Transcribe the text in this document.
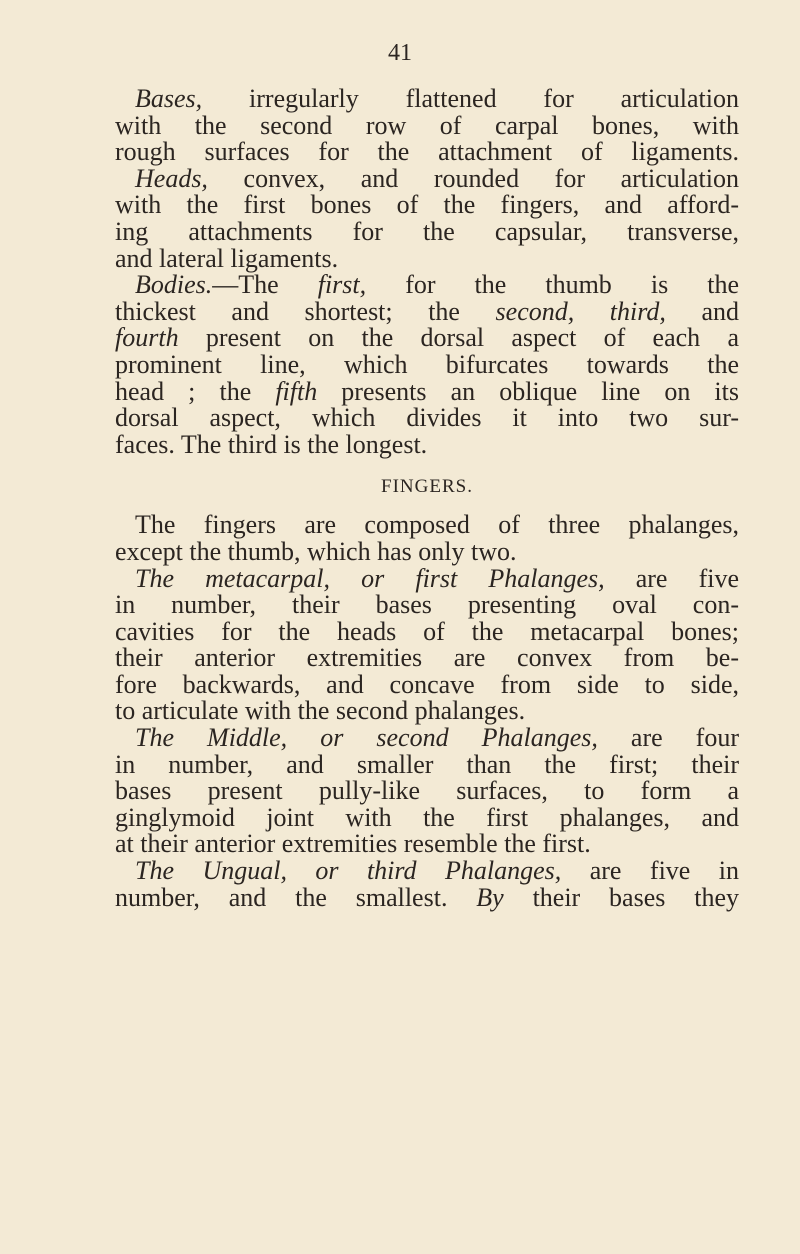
41
Bases, irregularly flattened for articulation
with the second row of carpal bones, with
rough surfaces for the attachment of ligaments.
Heads, convex, and rounded for articulation
with the first bones of the fingers, and afford-
ing attachments for the capsular, transverse,
and lateral ligaments.
Bodies.—The first, for the thumb is the
thickest and shortest; the second, third, and
fourth present on the dorsal aspect of each a
prominent line, which bifurcates towards the
head ; the fifth presents an oblique line on its
dorsal aspect, which divides it into two sur-
faces. The third is the longest.
FINGERS.
The fingers are composed of three phalanges,
except the thumb, which has only two.
The metacarpal, or first Phalanges, are five
in number, their bases presenting oval con-
cavities for the heads of the metacarpal bones;
their anterior extremities are convex from be-
fore backwards, and concave from side to side,
to articulate with the second phalanges.
The Middle, or second Phalanges, are four
in number, and smaller than the first; their
bases present pully-like surfaces, to form a
ginglymoid joint with the first phalanges, and
at their anterior extremities resemble the first.
The Ungual, or third Phalanges, are five in
number, and the smallest. By their bases they
